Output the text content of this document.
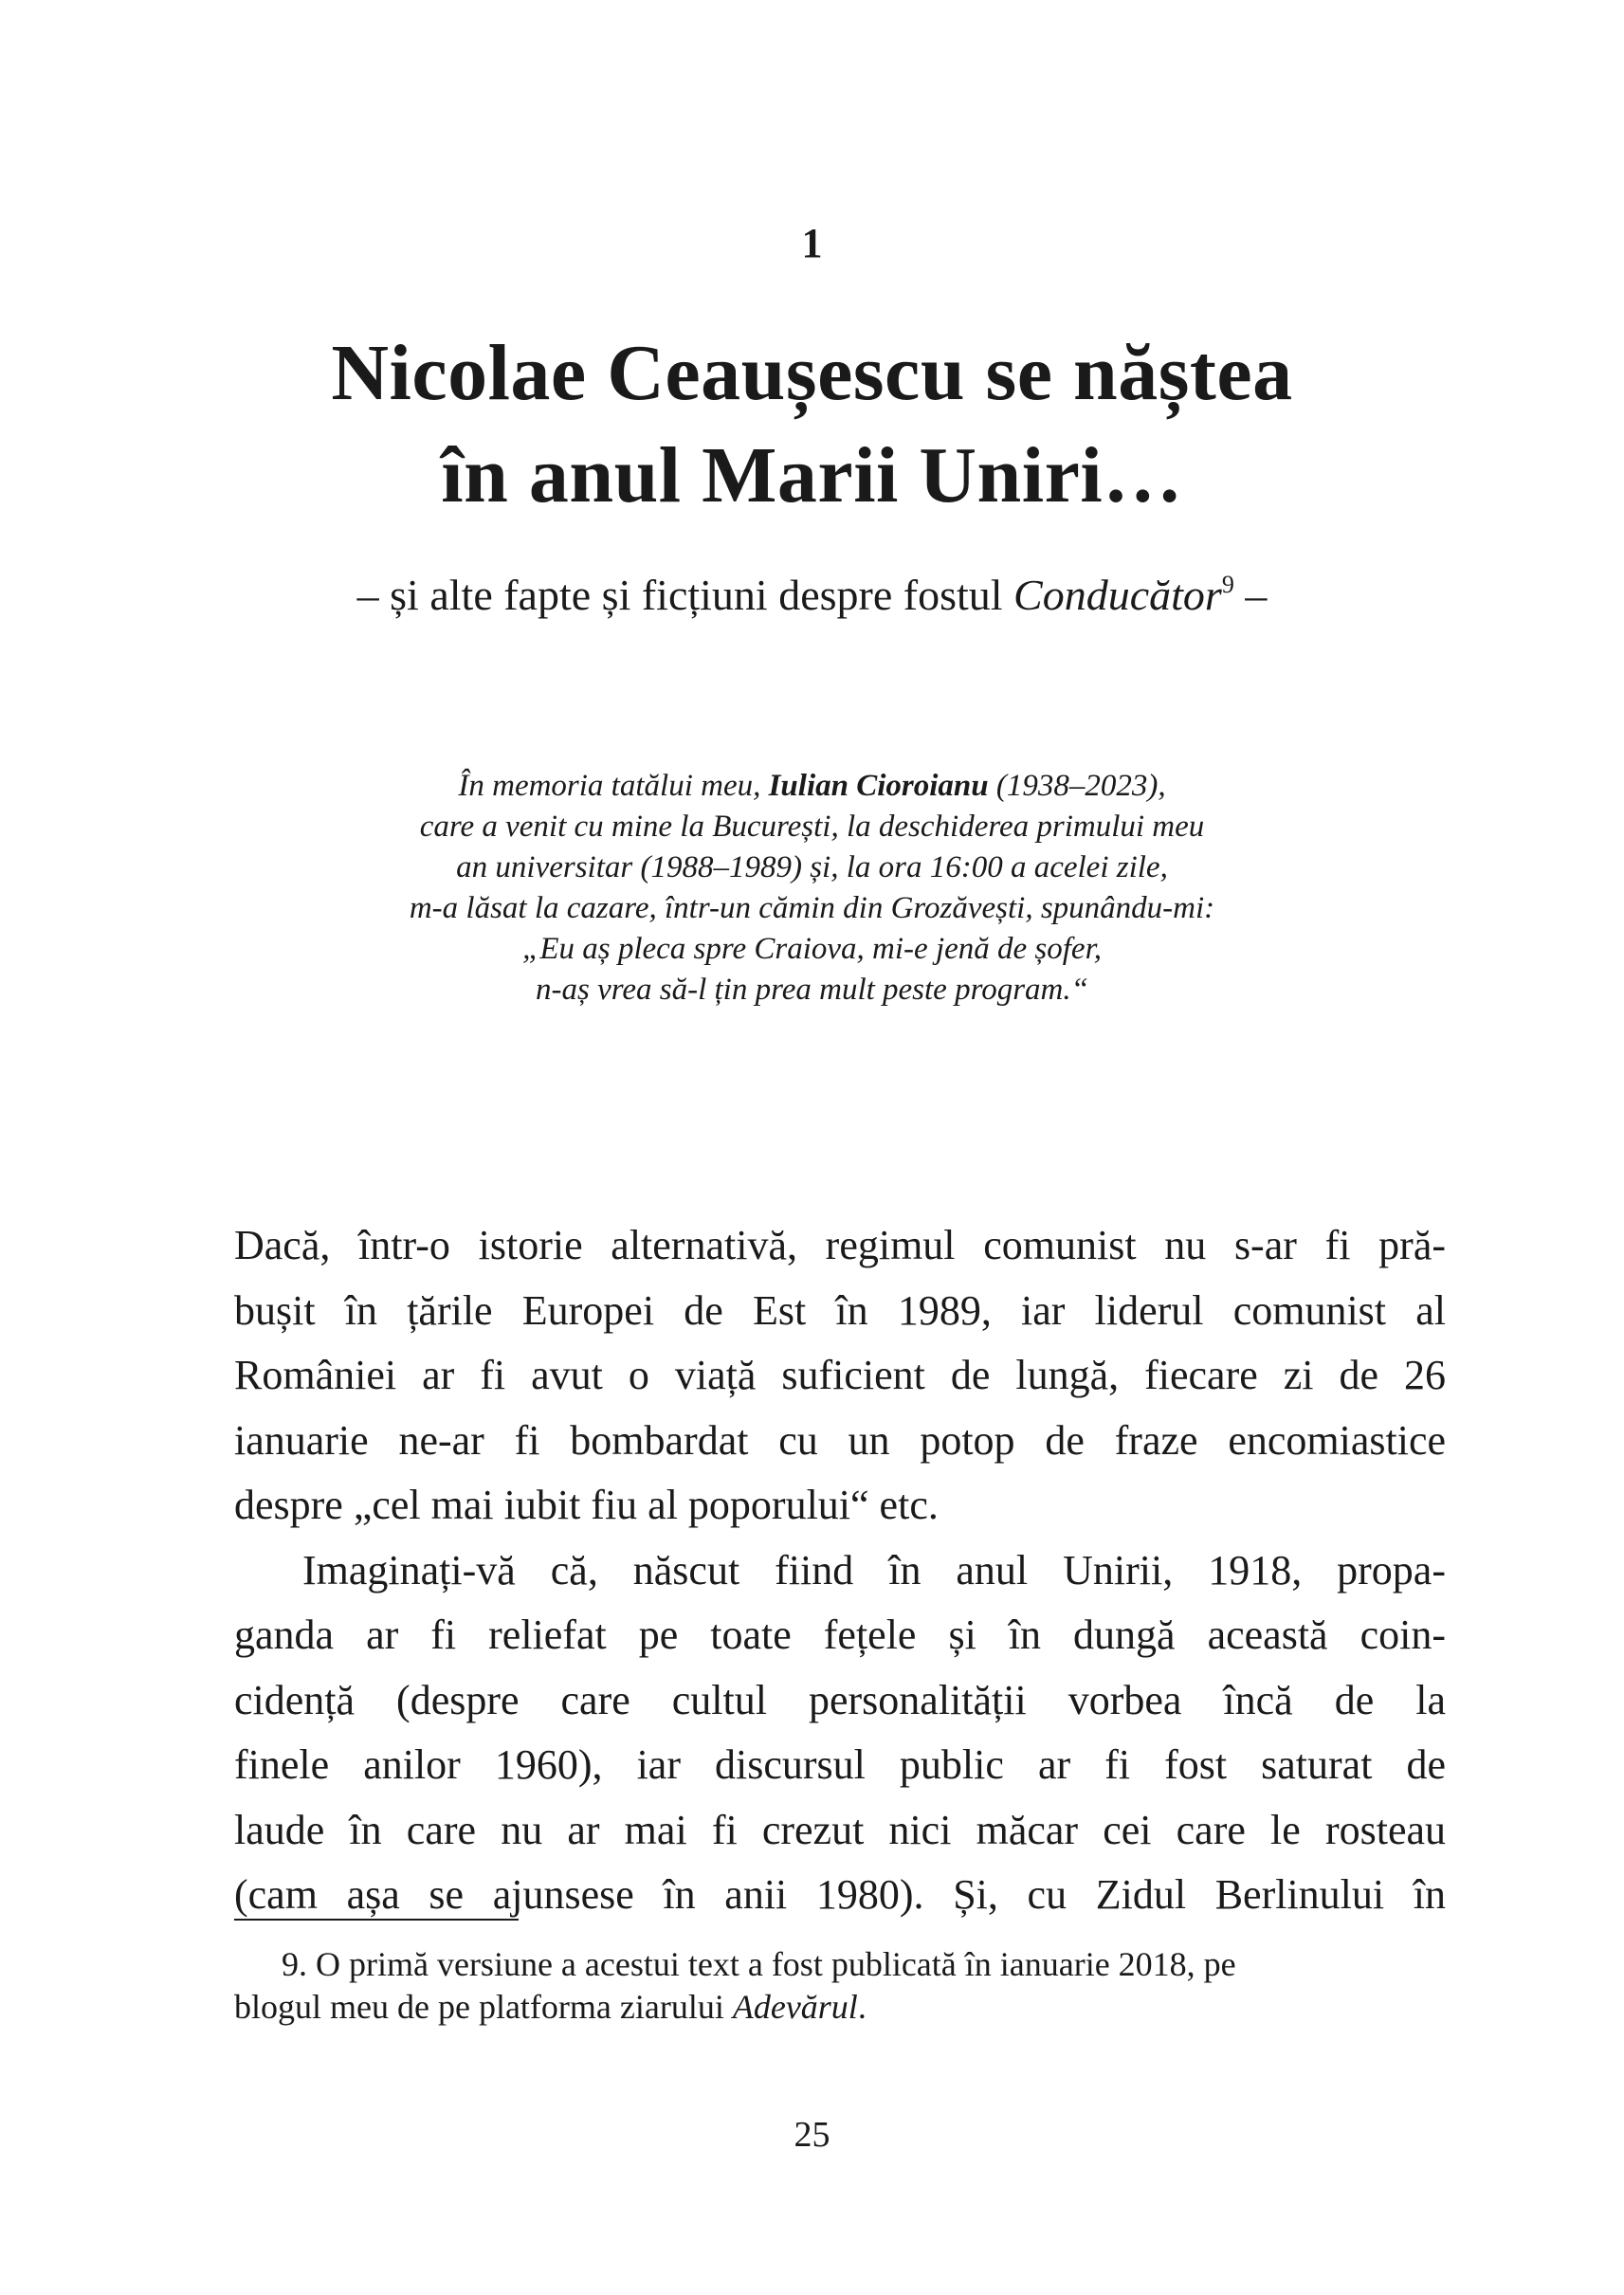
1
Nicolae Ceaușescu se năștea
în anul Marii Uniri…
– și alte fapte și ficțiuni despre fostul Conducător$^9$ –
În memoria tatălui meu, Iulian Cioroianu (1938–2023),
care a venit cu mine la București, la deschiderea primului meu
an universitar (1988–1989) și, la ora 16:00 a acelei zile,
m-a lăsat la cazare, într-un cămin din Grozăvești, spunându-mi:
„Eu aș pleca spre Craiova, mi-e jenă de șofer,
n-aș vrea să-l țin prea mult peste program.“

Dacă, într-o istorie alternativă, regimul comunist nu s-ar fi pră-
bușit în țările Europei de Est în 1989, iar liderul comunist al
României ar fi avut o viață suficient de lungă, fiecare zi de 26
ianuarie ne-ar fi bombardat cu un potop de fraze encomiastice
despre „cel mai iubit fiu al poporului“ etc.

Imaginați-vă că, născut fiind în anul Unirii, 1918, propa-
ganda ar fi reliefat pe toate fețele și în dungă această coin-
cidență (despre care cultul personalității vorbea încă de la
finele anilor 1960), iar discursul public ar fi fost saturat de
laude în care nu ar mai fi crezut nici măcar cei care le rosteau
(cam așa se ajunsese în anii 1980). Și, cu Zidul Berlinului în

9. O primă versiune a acestui text a fost publicată în ianuarie 2018, pe
blogul meu de pe platforma ziarului Adevărul.
25
